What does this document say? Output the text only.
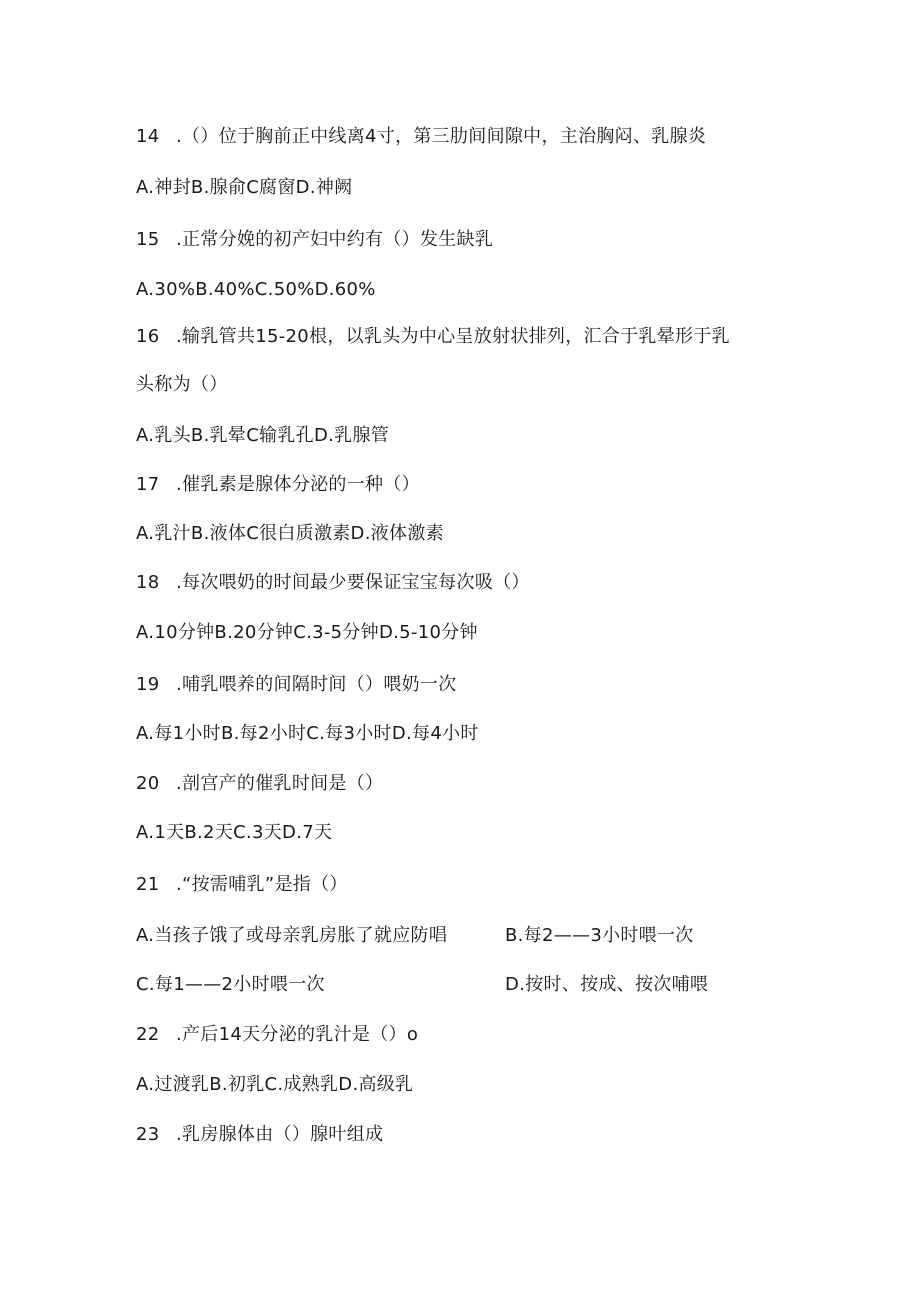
14 .（）位于胸前正中线离4寸，第三肋间间隙中，主治胸闷、乳腺炎
A.神封B.腺俞C腐窗D.神阙
15 .正常分娩的初产妇中约有（）发生缺乳
A.30%B.40%C.50%D.60%
16 .输乳管共15-20根，以乳头为中心呈放射状排列，汇合于乳晕形于乳
头称为（）
A.乳头B.乳晕C输乳孔D.乳腺管
17 .催乳素是腺体分泌的一种（）
A.乳汁B.液体C很白质激素D.液体激素
18 .每次喂奶的时间最少要保证宝宝每次吸（）
A.10分钟B.20分钟C.3-5分钟D.5-10分钟
19 .哺乳喂养的间隔时间（）喂奶一次
A.每1小时B.每2小时C.每3小时D.每4小时
20 .剖宫产的催乳时间是（）
A.1天B.2天C.3天D.7天
21 .“按需哺乳”是指（）
A.当孩子饿了或母亲乳房胀了就应防唱	B.每2——3小时喂一次
C.每1——2小时喂一次	D.按时、按成、按次哺喂
22 .产后14天分泌的乳汁是（）o
A.过渡乳B.初乳C.成熟乳D.高级乳
23 .乳房腺体由（）腺叶组成
